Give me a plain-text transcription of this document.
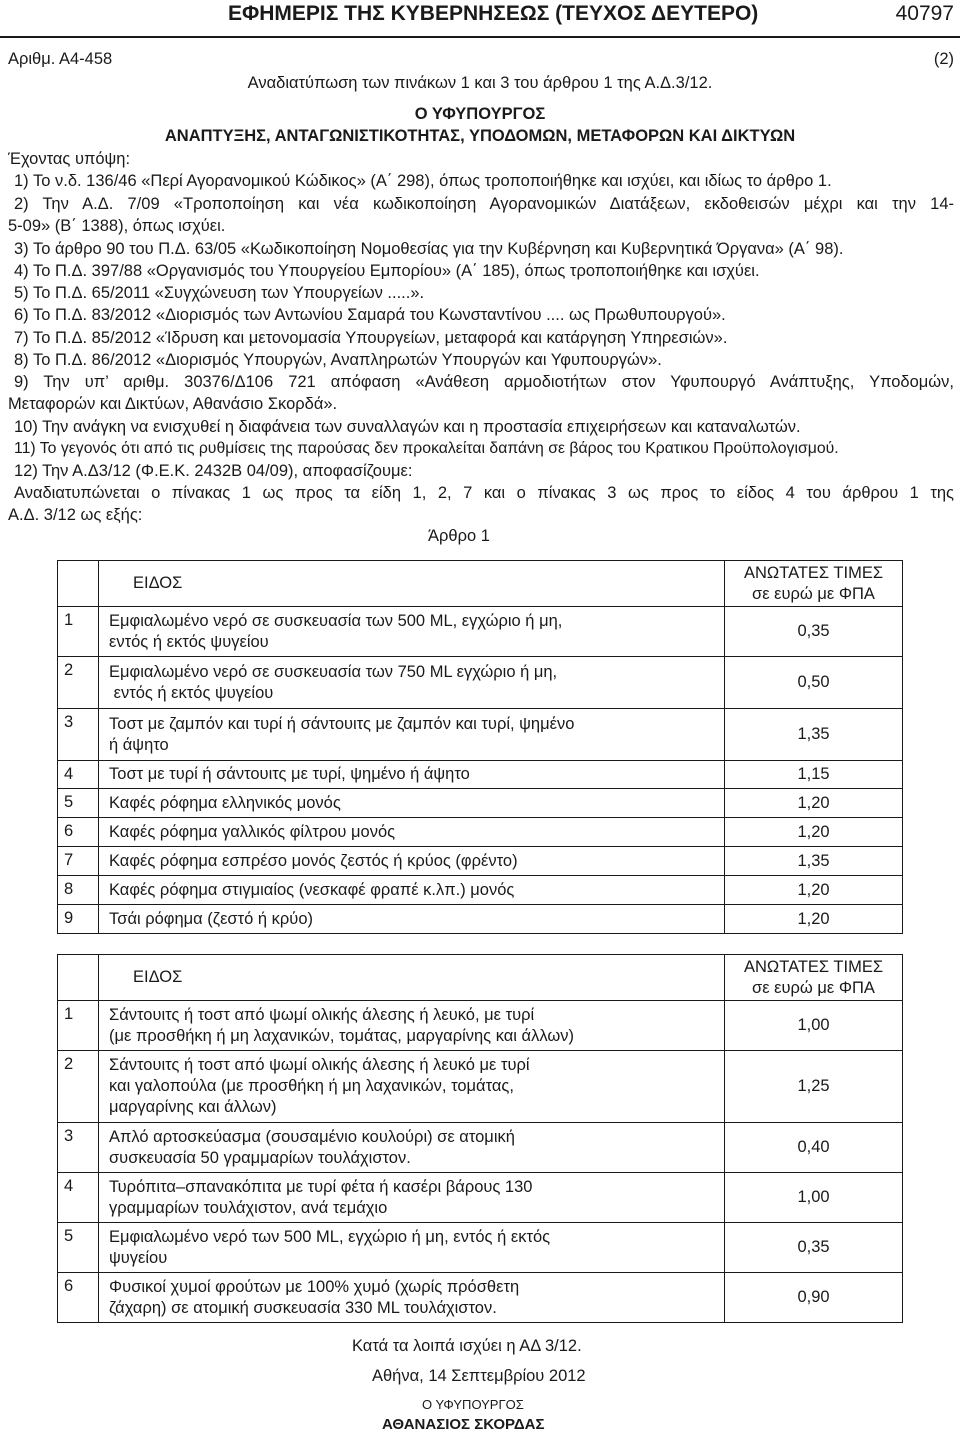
ΕΦΗΜΕΡΙΣ ΤΗΣ ΚΥΒΕΡΝΗΣΕΩΣ (ΤΕΥΧΟΣ ΔΕΥΤΕΡΟ)	40797
Αριθμ. Α4-458	(2)
Αναδιατύπωση των πινάκων 1 και 3 του άρθρου 1 της Α.Δ.3/12.
Ο ΥΦΥΠΟΥΡΓΟΣ
ΑΝΑΠΤΥΞΗΣ, ΑΝΤΑΓΩΝΙΣΤΙΚΟΤΗΤΑΣ, ΥΠΟΔΟΜΩΝ, ΜΕΤΑΦΟΡΩΝ ΚΑΙ ΔΙΚΤΥΩΝ
Έχοντας υπόψη:
1) Το ν.δ. 136/46 «Περί Αγορανομικού Κώδικος» (Α΄ 298), όπως τροποποιήθηκε και ισχύει, και ιδίως το άρθρο 1.
2) Την Α.Δ. 7/09 «Τροποποίηση και νέα κωδικοποίηση Αγορανομικών Διατάξεων, εκδοθεισών μέχρι και την 14-
5-09» (Β΄ 1388), όπως ισχύει.
3) Το άρθρο 90 του Π.Δ. 63/05 «Κωδικοποίηση Νομοθεσίας για την Κυβέρνηση και Κυβερνητικά Όργανα» (Α΄ 98).
4) Το Π.Δ. 397/88 «Οργανισμός του Υπουργείου Εμπορίου» (Α΄ 185), όπως τροποποιήθηκε και ισχύει.
5) Το Π.Δ. 65/2011 «Συγχώνευση των Υπουργείων .....».
6) Το Π.Δ. 83/2012 «Διορισμός των Αντωνίου Σαμαρά του Κωνσταντίνου .... ως Πρωθυπουργού».
7) Το Π.Δ. 85/2012 «Ίδρυση και μετονομασία Υπουργείων, μεταφορά και κατάργηση Υπηρεσιών».
8) Το Π.Δ. 86/2012 «Διορισμός Υπουργών, Αναπληρωτών Υπουργών και Υφυπουργών».
9) Την υπ’ αριθμ. 30376/Δ106 721 απόφαση «Ανάθεση αρμοδιοτήτων στον Υφυπουργό Ανάπτυξης, Υποδομών,
Μεταφορών και Δικτύων, Αθανάσιο Σκορδά».
10) Την ανάγκη να ενισχυθεί η διαφάνεια των συναλλαγών και η προστασία επιχειρήσεων και καταναλωτών.
11) Το γεγονός ότι από τις ρυθμίσεις της παρούσας δεν προκαλείται δαπάνη σε βάρος του Κρατικου Προϋπολογισμού.
12) Την Α.Δ3/12 (Φ.Ε.Κ. 2432Β 04/09), αποφασίζουμε:
Αναδιατυπώνεται ο πίνακας 1 ως προς τα είδη 1, 2, 7 και ο πίνακας 3 ως προς το είδος 4 του άρθρου 1 της
Α.Δ. 3/12 ως εξής:
Άρθρο 1
	ΕΙΔΟΣ	ΑΝΩΤΑΤΕΣ ΤΙΜΕΣ
σε ευρώ με ΦΠΑ

1	Εμφιαλωμένο νερό σε συσκευασία των 500 ML, εγχώριο ή μη,
εντός ή εκτός ψυγείου	0,35
2	Εμφιαλωμένο νερό σε συσκευασία των 750 ML εγχώριο ή μη,
εντός ή εκτός ψυγείου	0,50
3	Τοστ με ζαμπόν και τυρί ή σάντουιτς με ζαμπόν και τυρί, ψημένο
ή άψητο	1,35
4	Τοστ με τυρί ή σάντουιτς με τυρί, ψημένο ή άψητο	1,15
5	Καφές ρόφημα ελληνικός μονός	1,20
6	Καφές ρόφημα γαλλικός φίλτρου μονός	1,20
7	Καφές ρόφημα εσπρέσο μονός ζεστός ή κρύος (φρέντο)	1,35
8	Καφές ρόφημα στιγμιαίος (νεσκαφέ φραπέ κ.λπ.) μονός	1,20
9	Τσάι ρόφημα (ζεστό ή κρύο)	1,20
	ΕΙΔΟΣ	ΑΝΩΤΑΤΕΣ ΤΙΜΕΣ
σε ευρώ με ΦΠΑ

1	Σάντουιτς ή τοστ από ψωμί ολικής άλεσης ή λευκό, με τυρί
(με προσθήκη ή μη λαχανικών, τομάτας, μαργαρίνης και άλλων)	1,00
2	Σάντουιτς ή τοστ από ψωμί ολικής άλεσης ή λευκό με τυρί
και γαλοπούλα (με προσθήκη ή μη λαχανικών, τομάτας,
μαργαρίνης και άλλων)	1,25
3	Απλό αρτοσκεύασμα (σουσαμένιο κουλούρι) σε ατομική
συσκευασία 50 γραμμαρίων τουλάχιστον.	0,40
4	Τυρόπιτα–σπανακόπιτα με τυρί φέτα ή κασέρι βάρους 130
γραμμαρίων τουλάχιστον, ανά τεμάχιο	1,00
5	Εμφιαλωμένο νερό των 500 ML, εγχώριο ή μη, εντός ή εκτός
ψυγείου	0,35
6	Φυσικοί χυμοί φρούτων με 100% χυμό (χωρίς πρόσθετη
ζάχαρη) σε ατομική συσκευασία 330 ML τουλάχιστον.	0,90
Κατά τα λοιπά ισχύει η ΑΔ 3/12.
Αθήνα, 14 Σεπτεμβρίου 2012
Ο ΥΦΥΠΟΥΡΓΟΣ
ΑΘΑΝΑΣΙΟΣ ΣΚΟΡΔΑΣ
